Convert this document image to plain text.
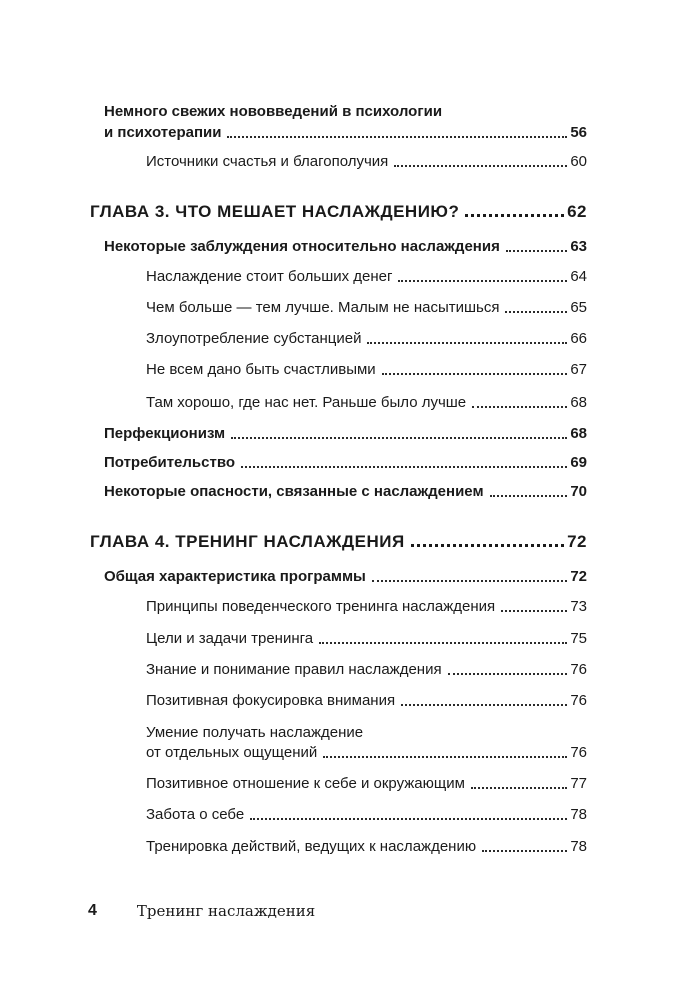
Немного свежих нововведений в психологии
и психотерапии	56
Источники счастья и благополучия	60
ГЛАВА 3. ЧТО МЕШАЕТ НАСЛАЖДЕНИЮ?	62
Некоторые заблуждения относительно наслаждения	63
Наслаждение стоит больших денег	64
Чем больше — тем лучше. Малым не насытишься	65
Злоупотребление субстанцией	66
Не всем дано быть счастливыми	67
Там хорошо, где нас нет. Раньше было лучше	68
Перфекционизм	68
Потребительство	69
Некоторые опасности, связанные с наслаждением	70
ГЛАВА 4. ТРЕНИНГ НАСЛАЖДЕНИЯ	72
Общая характеристика программы	72
Принципы поведенческого тренинга наслаждения	73
Цели и задачи тренинга	75
Знание и понимание правил наслаждения	76
Позитивная фокусировка внимания	76
Умение получать наслаждение
от отдельных ощущений	76
Позитивное отношение к себе и окружающим	77
Забота о себе	78
Тренировка действий, ведущих к наслаждению	78
4	Тренинг наслаждения
